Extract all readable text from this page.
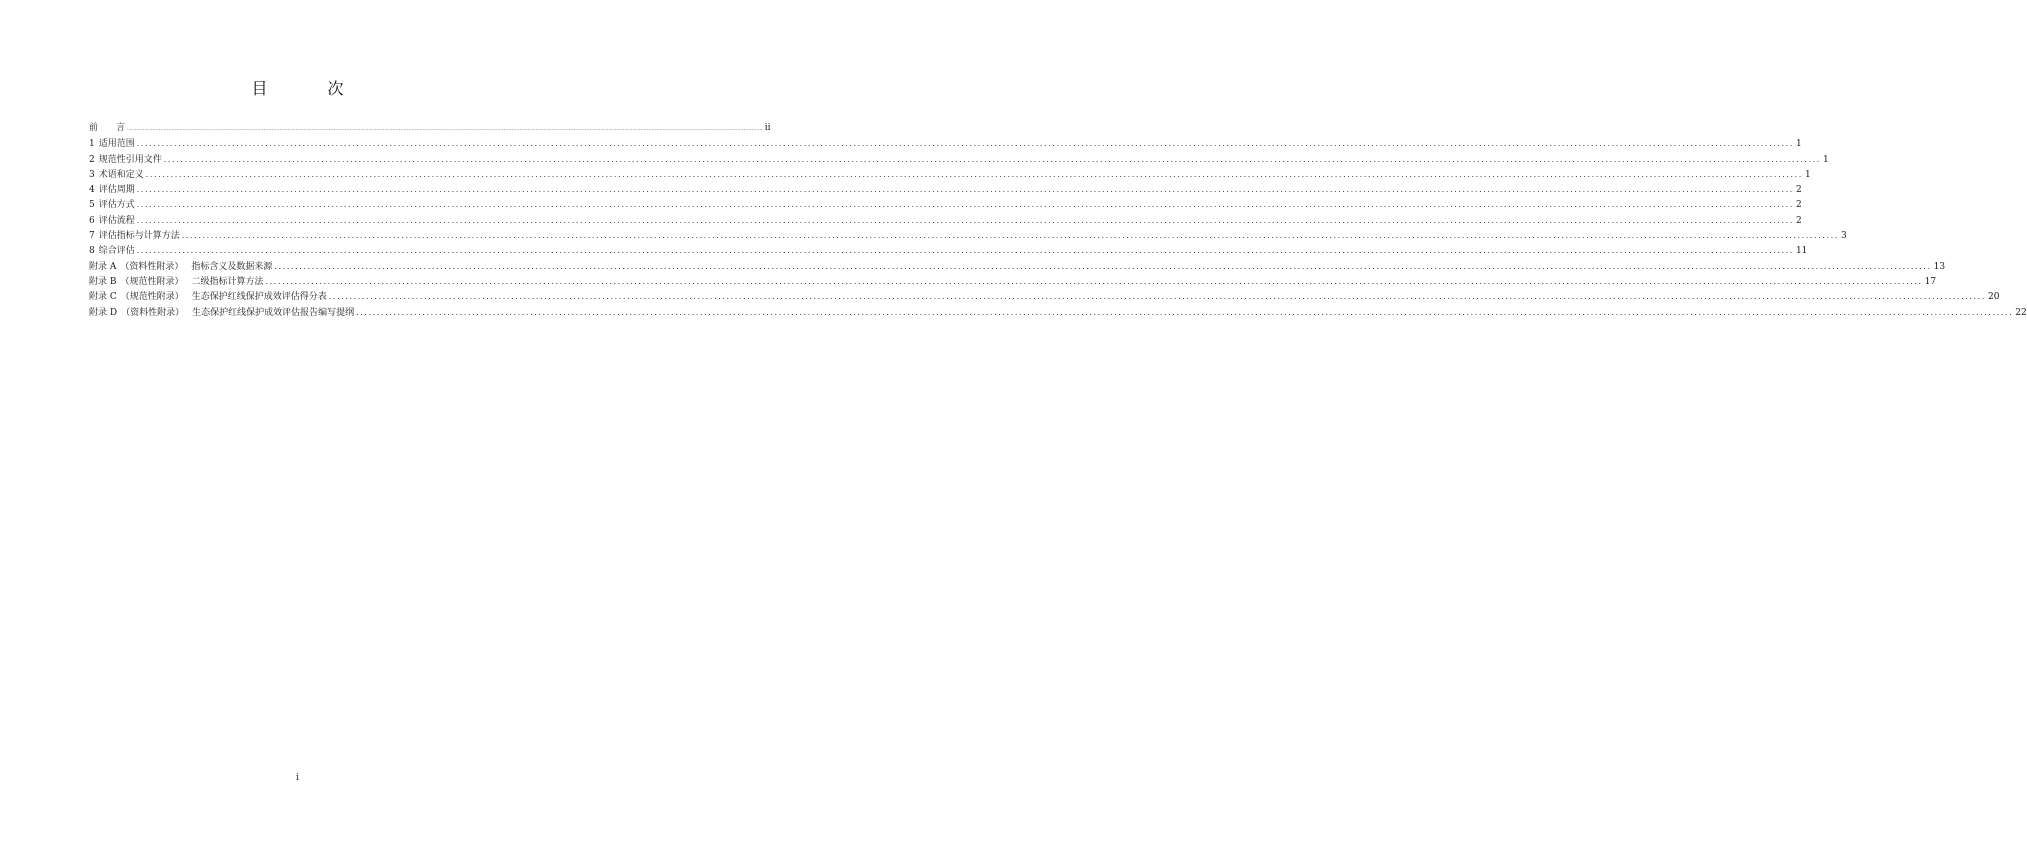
目　次
前　　言 ................................................................................................................................................................................................................................................................................................................................................................................................................ ii
1 适用范围 ................................................................................................................................................................................................................................................................................................................................................................................................................ 1
2 规范性引用文件 ................................................................................................................................................................................................................................................................................................................................................................................................................ 1
3 术语和定义 ................................................................................................................................................................................................................................................................................................................................................................................................................ 1
4 评估周期 ................................................................................................................................................................................................................................................................................................................................................................................................................ 2
5 评估方式 ................................................................................................................................................................................................................................................................................................................................................................................................................ 2
6 评估流程 ................................................................................................................................................................................................................................................................................................................................................................................................................ 2
7 评估指标与计算方法 ................................................................................................................................................................................................................................................................................................................................................................................................................ 3
8 综合评估 ................................................................................................................................................................................................................................................................................................................................................................................................................ 11
附录 A （资料性附录） 指标含义及数据来源 ................................................................................................................................................................................................................................................................................................................................................................................................................ 13
附录 B （规范性附录） 二级指标计算方法 ................................................................................................................................................................................................................................................................................................................................................................................................................ 17
附录 C （规范性附录） 生态保护红线保护成效评估得分表 ................................................................................................................................................................................................................................................................................................................................................................................................................ 20
附录 D （资料性附录） 生态保护红线保护成效评估报告编写提纲 ................................................................................................................................................................................................................................................................................................................................................................................................................ 22
i
